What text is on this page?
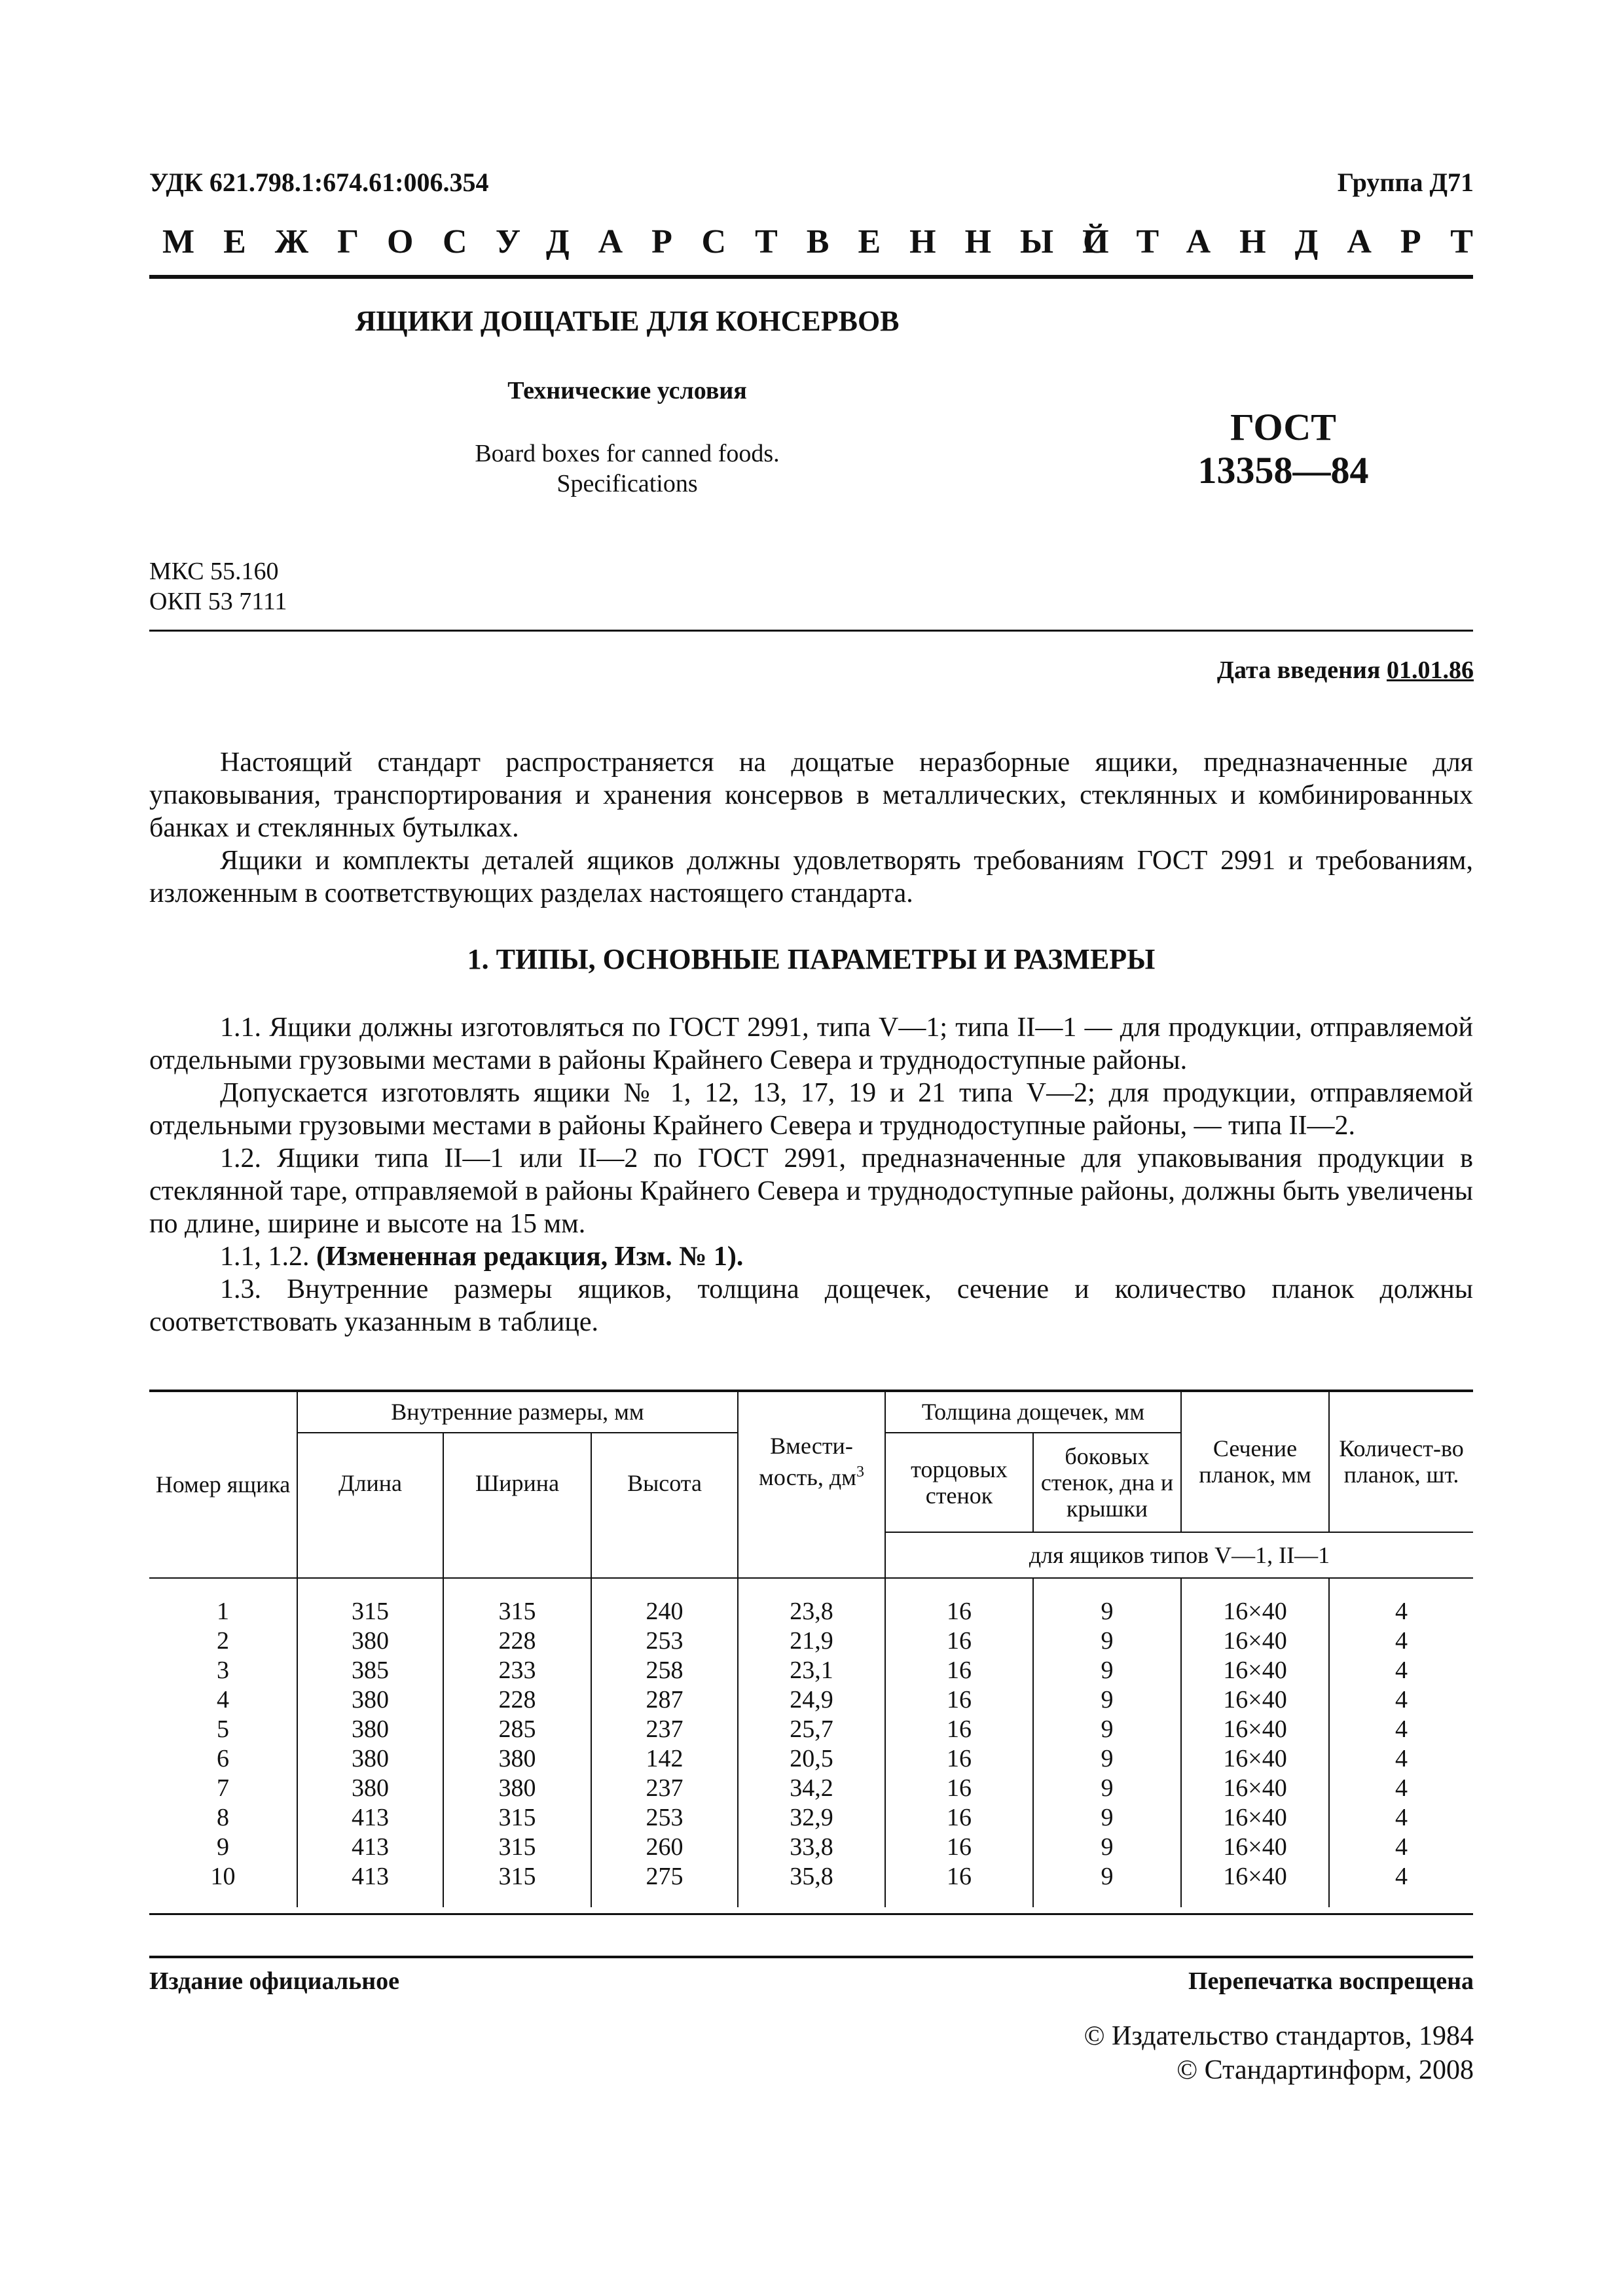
УДК 621.798.1:674.61:006.354	Группа Д71
МЕЖГОСУДАРСТВЕННЫЙ
СТАНДАРТ
ЯЩИКИ ДОЩАТЫЕ ДЛЯ КОНСЕРВОВ
Технические условия
Board boxes for canned foods.
Specifications
ГОСТ
13358—84
МКС 55.160
ОКП 53 7111
Дата введения 01.01.86

Настоящий стандарт распространяется на дощатые неразборные ящики, предназначенные для упаковывания, транспортирования и хранения консервов в металлических, стеклянных и комбинированных банках и стеклянных бутылках.

Ящики и комплекты деталей ящиков должны удовлетворять требованиям ГОСТ 2991 и требованиям, изложенным в соответствующих разделах настоящего стандарта.

1. ТИПЫ, ОСНОВНЫЕ ПАРАМЕТРЫ И РАЗМЕРЫ

1.1. Ящики должны изготовляться по ГОСТ 2991, типа V—1; типа II—1 — для продукции, отправляемой отдельными грузовыми местами в районы Крайнего Севера и труднодоступные районы.

Допускается изготовлять ящики № 1, 12, 13, 17, 19 и 21 типа V—2; для продукции, отправляемой отдельными грузовыми местами в районы Крайнего Севера и труднодоступные районы, — типа II—2.

1.2. Ящики типа II—1 или II—2 по ГОСТ 2991, предназначенные для упаковывания продукции в стеклянной таре, отправляемой в районы Крайнего Севера и труднодоступные районы, должны быть увеличены по длине, ширине и высоте на 15 мм.

1.1, 1.2. (Измененная редакция, Изм. № 1).

1.3. Внутренние размеры ящиков, толщина дощечек, сечение и количество планок должны соответствовать указанным в таблице.

Номер ящика	Внутренние размеры, мм			Вмести-мость, $дм^3$	Толщина дощечек, мм		Сечение планок, мм	Количест-во планок, шт.
	Длина	Ширина	Высота		торцовых стенок	боковых стенок, дна и крышки		
					для ящиков типов V—1, II—1			
1	315	315	240	23,8	16	9	16×40	4
2	380	228	253	21,9	16	9	16×40	4
3	385	233	258	23,1	16	9	16×40	4
4	380	228	287	24,9	16	9	16×40	4
5	380	285	237	25,7	16	9	16×40	4
6	380	380	142	20,5	16	9	16×40	4
7	380	380	237	34,2	16	9	16×40	4
8	413	315	253	32,9	16	9	16×40	4
9	413	315	260	33,8	16	9	16×40	4
10	413	315	275	35,8	16	9	16×40	4

Издание официальное	Перепечатка воспрещена
© Издательство стандартов, 1984
© Стандартинформ, 2008
